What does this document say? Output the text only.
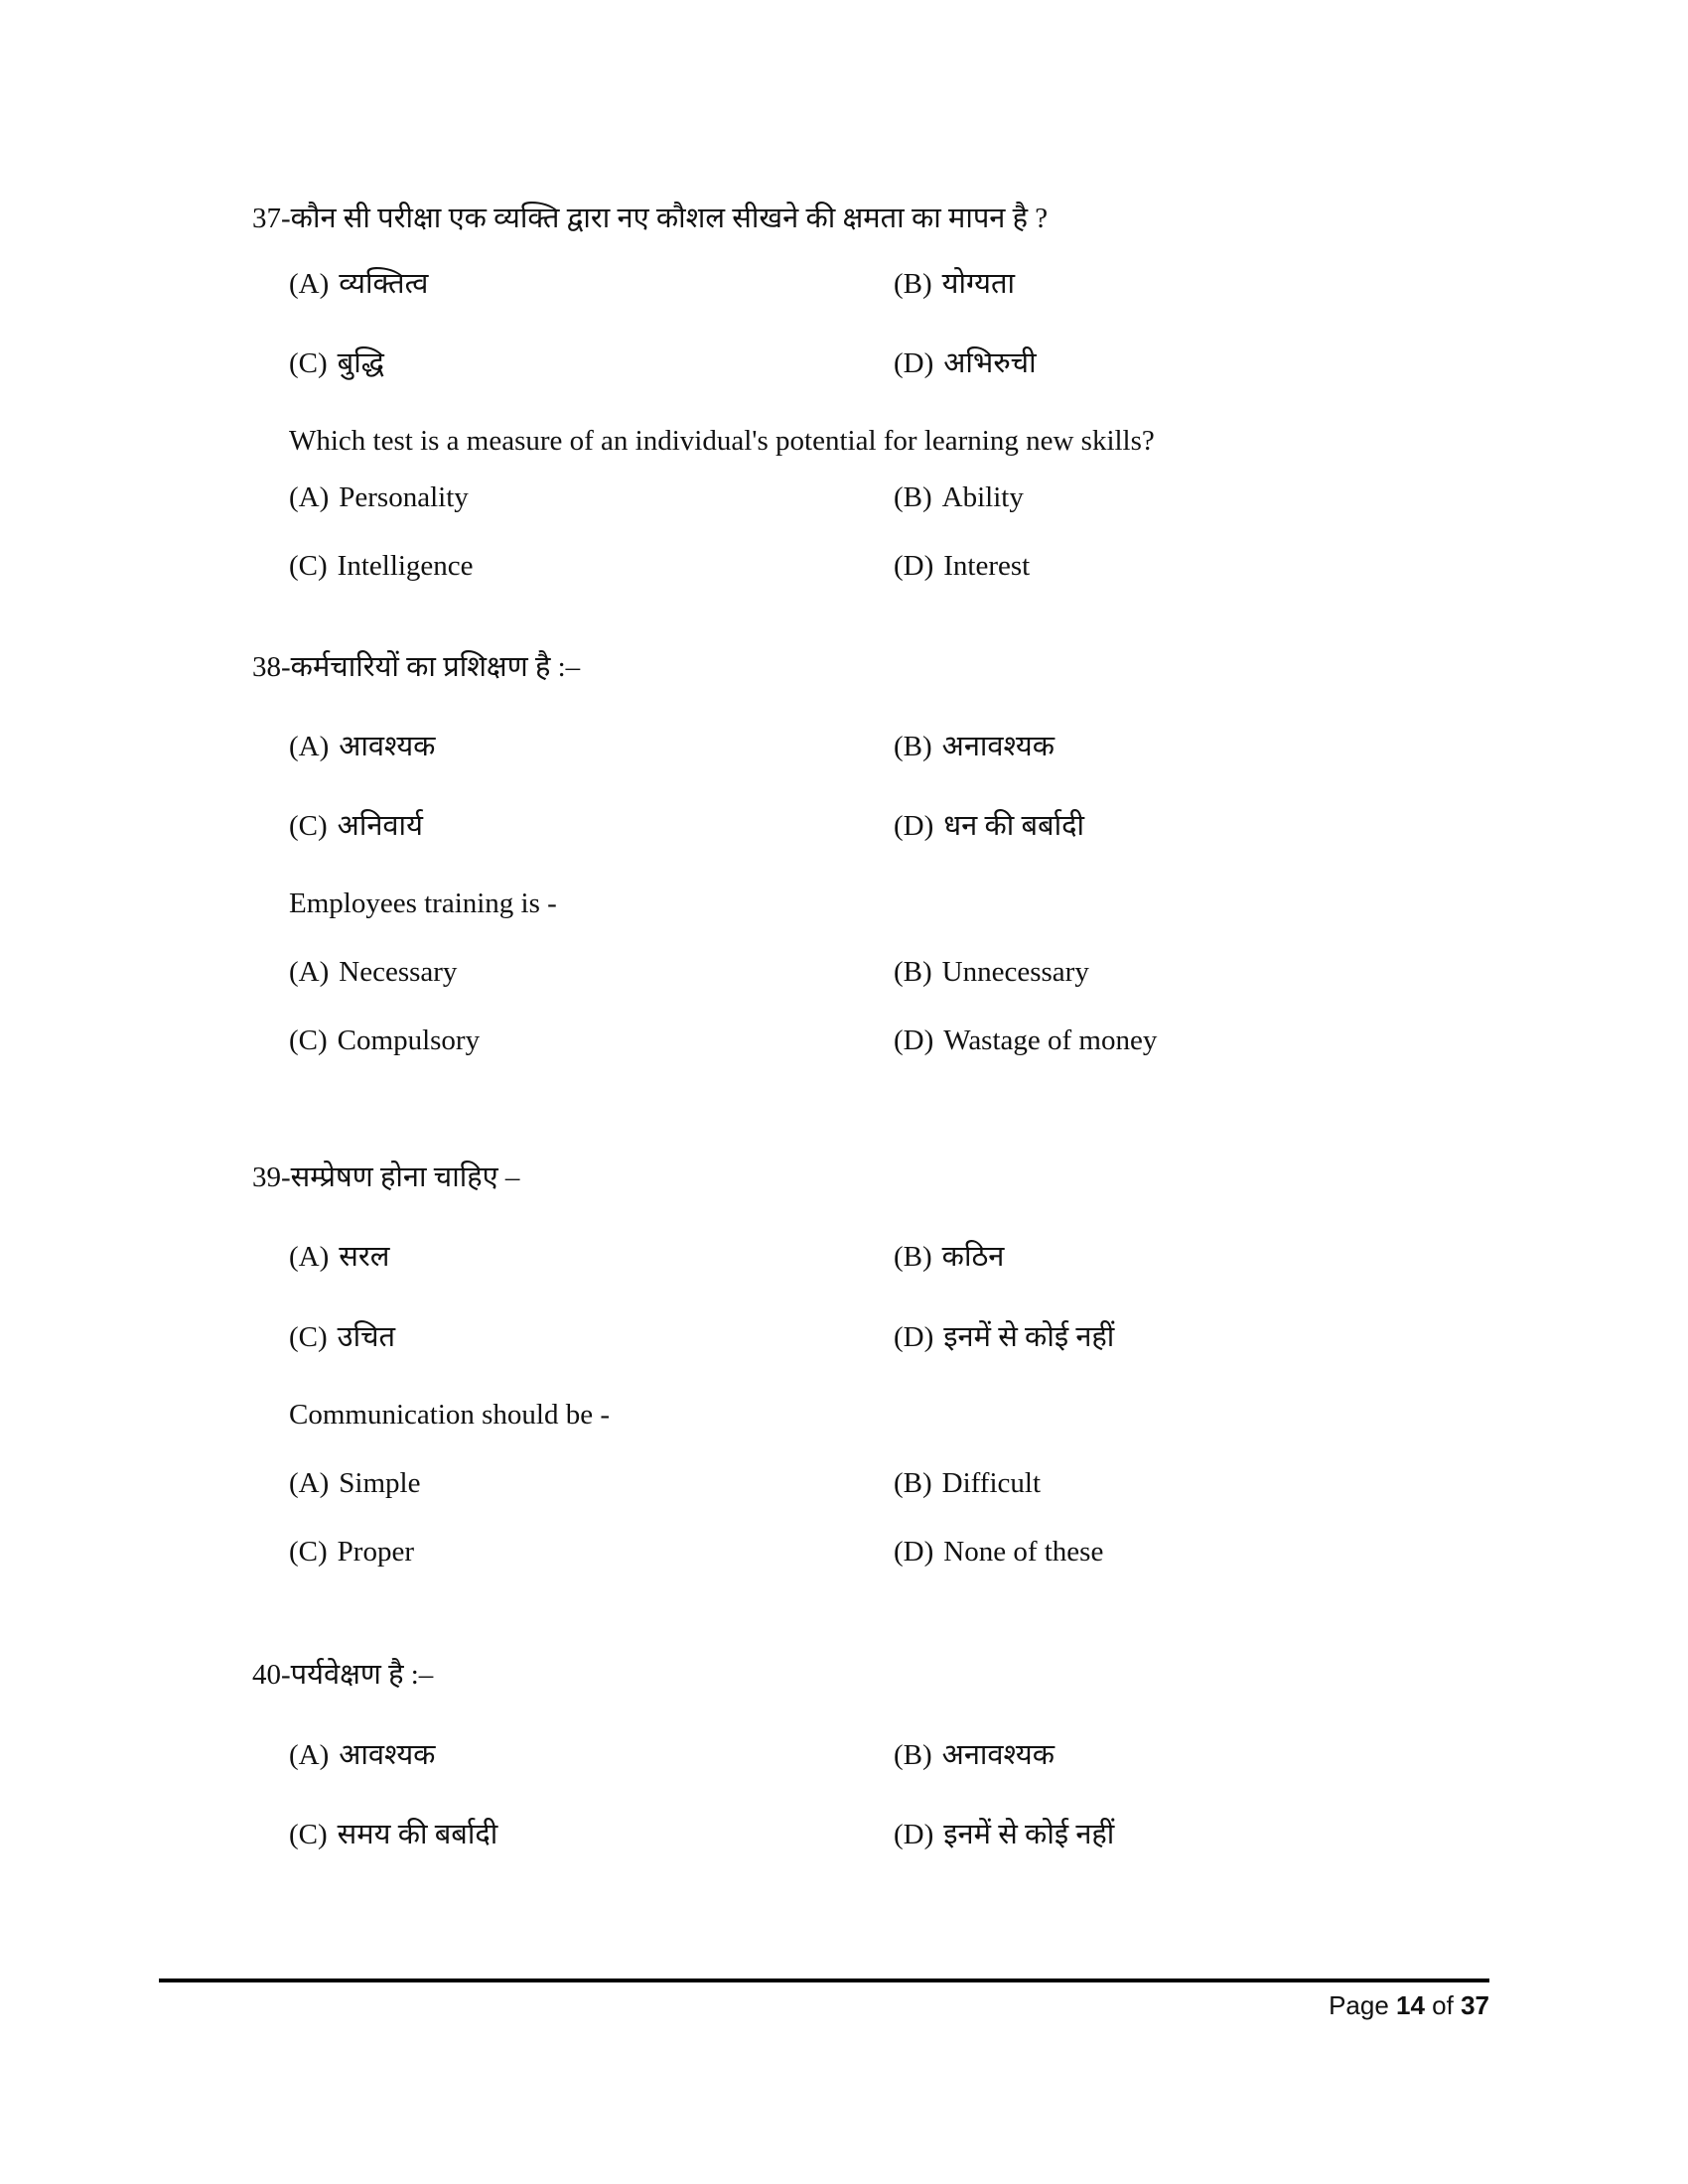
37-कौन सी परीक्षा एक व्यक्ति द्वारा नए कौशल सीखने की क्षमता का मापन है ?
(A) व्यक्तित्व	(B) योग्यता
(C) बुद्धि	(D) अभिरुची
Which test is a measure of an individual's potential for learning new skills?
(A) Personality	(B) Ability
(C) Intelligence	(D) Interest
38-कर्मचारियों का प्रशिक्षण है :–
(A) आवश्यक	(B) अनावश्यक
(C) अनिवार्य	(D) धन की बर्बादी
Employees training is -
(A) Necessary	(B) Unnecessary
(C) Compulsory	(D) Wastage of money
39-सम्प्रेषण होना चाहिए –
(A) सरल	(B) कठिन
(C) उचित	(D) इनमें से कोई नहीं
Communication should be -
(A) Simple	(B) Difficult
(C) Proper	(D) None of these
40-पर्यवेक्षण है :–
(A) आवश्यक	(B) अनावश्यक
(C) समय की बर्बादी	(D) इनमें से कोई नहीं
Page 14 of 37
